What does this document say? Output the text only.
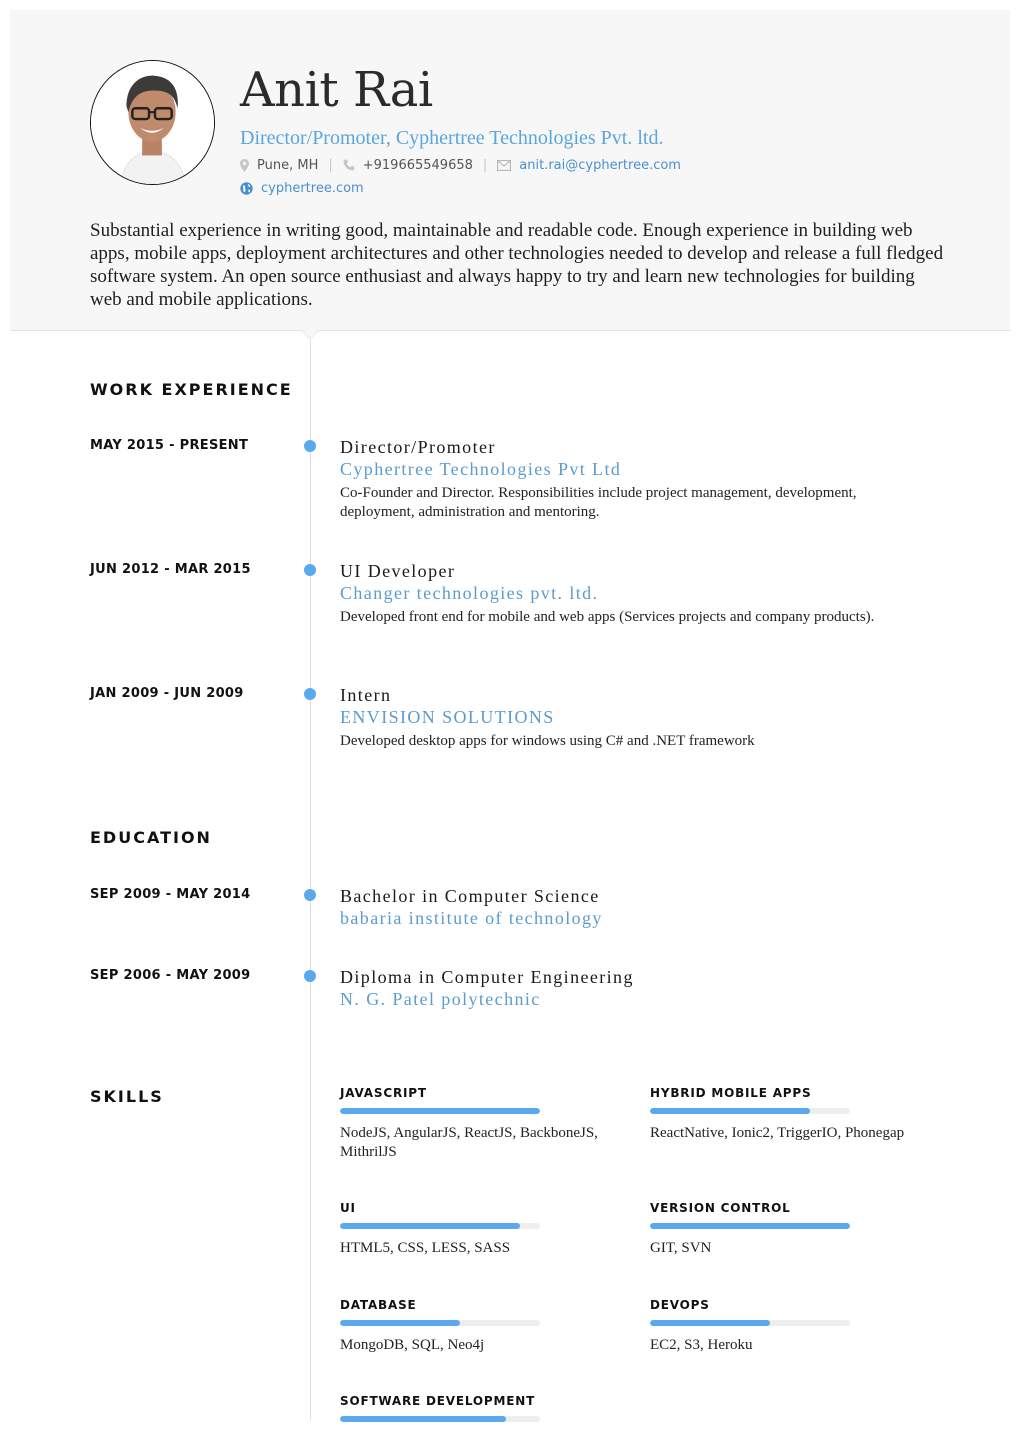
Anit Rai
Director/Promoter, Cyphertree Technologies Pvt. ltd.
Pune, MH | +919665549658 | anit.rai@cyphertree.com
cyphertree.com
Substantial experience in writing good, maintainable and readable code. Enough experience in building web apps, mobile apps, deployment architectures and other technologies needed to develop and release a full fledged software system. An open source enthusiast and always happy to try and learn new technologies for building web and mobile applications.
WORK EXPERIENCE
MAY 2015 - PRESENT	Director/Promoter
Cyphertree Technologies Pvt Ltd
Co-Founder and Director. Responsibilities include project management, development, deployment, administration and mentoring.
JUN 2012 - MAR 2015	UI Developer
Changer technologies pvt. ltd.
Developed front end for mobile and web apps (Services projects and company products).
JAN 2009 - JUN 2009	Intern
ENVISION SOLUTIONS
Developed desktop apps for windows using C# and .NET framework
EDUCATION
SEP 2009 - MAY 2014	Bachelor in Computer Science
babaria institute of technology
SEP 2006 - MAY 2009	Diploma in Computer Engineering
N. G. Patel polytechnic
SKILLS	JAVASCRIPT
NodeJS, AngularJS, ReactJS, BackboneJS, MithrilJS
HYBRID MOBILE APPS
ReactNative, Ionic2, TriggerIO, Phonegap
UI
HTML5, CSS, LESS, SASS
VERSION CONTROL
GIT, SVN
DATABASE
MongoDB, SQL, Neo4j
DEVOPS
EC2, S3, Heroku
SOFTWARE DEVELOPMENT
